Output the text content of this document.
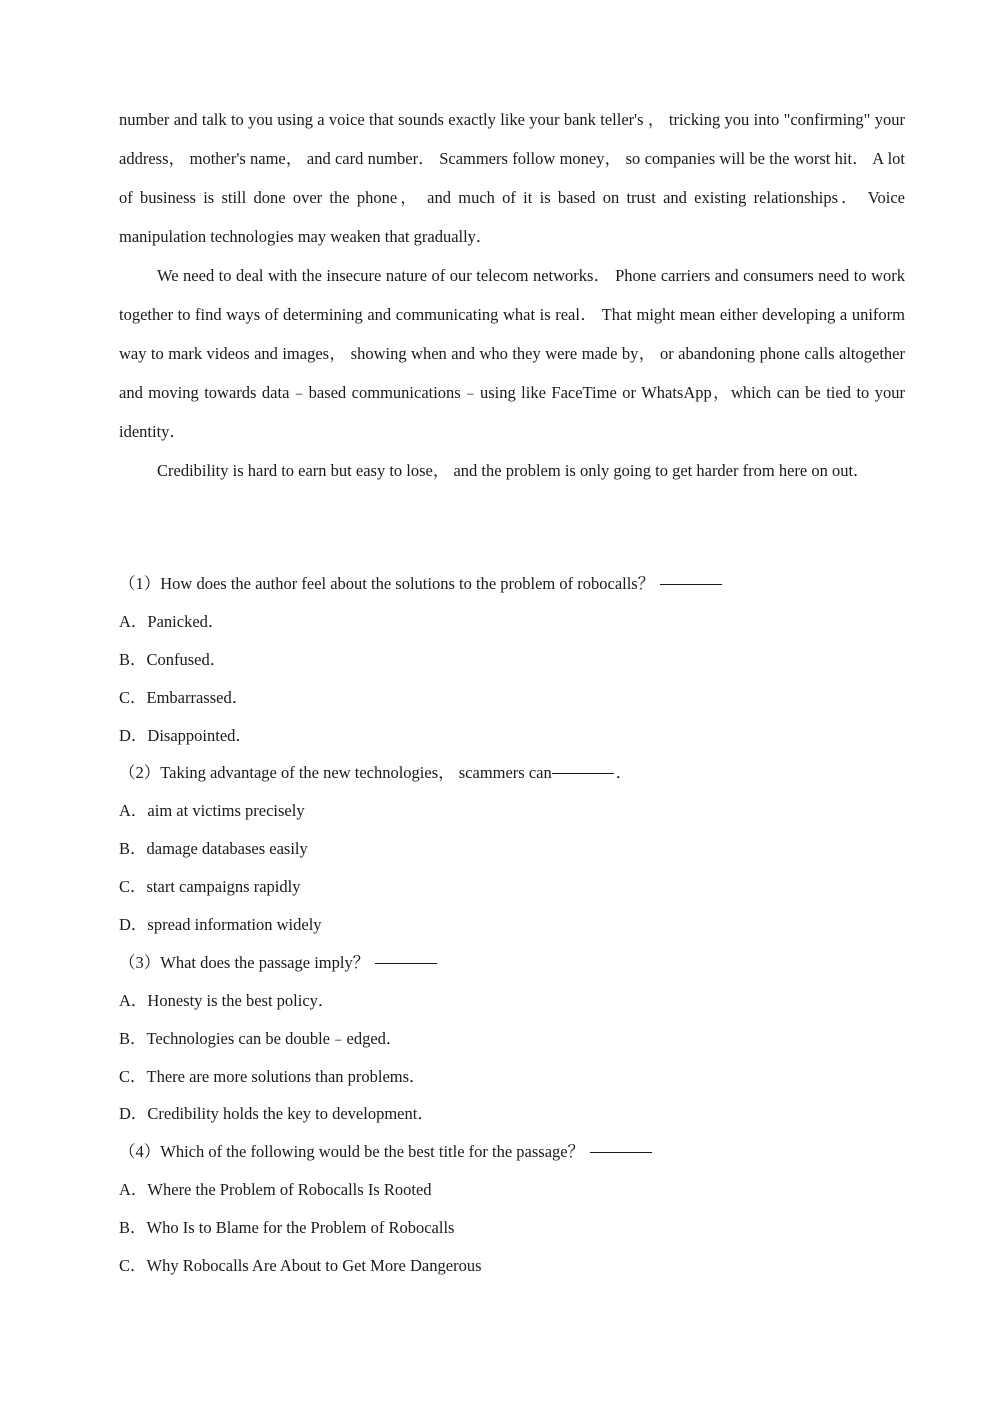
number and talk to you using a voice that sounds exactly like your bank teller's ， tricking you into "confirming" your address， mother's name， and card number． Scammers follow money， so companies will be the worst hit． A lot of business is still done over the phone， and much of it is based on trust and existing relationships． Voice manipulation technologies may weaken that gradually．

We need to deal with the insecure nature of our telecom networks． Phone carriers and consumers need to work together to find ways of determining and communicating what is real． That might mean either developing a uniform way to mark videos and images， showing when and who they were made by， or abandoning phone calls altogether and moving towards data﹣based communications﹣using like FaceTime or WhatsApp，which can be tied to your identity．

Credibility is hard to earn but easy to lose， and the problem is only going to get harder from here on out．

（1）How does the author feel about the solutions to the problem of robocalls？
A．Panicked．
B．Confused．
C．Embarrassed．
D．Disappointed．
（2）Taking advantage of the new technologies， scammers can	．
A．aim at victims precisely
B．damage databases easily
C．start campaigns rapidly
D．spread information widely
（3）What does the passage imply？
A．Honesty is the best policy．
B．Technologies can be double﹣edged．
C．There are more solutions than problems．
D．Credibility holds the key to development．
（4）Which of the following would be the best title for the passage？
A．Where the Problem of Robocalls Is Rooted
B．Who Is to Blame for the Problem of Robocalls
C．Why Robocalls Are About to Get More Dangerous
